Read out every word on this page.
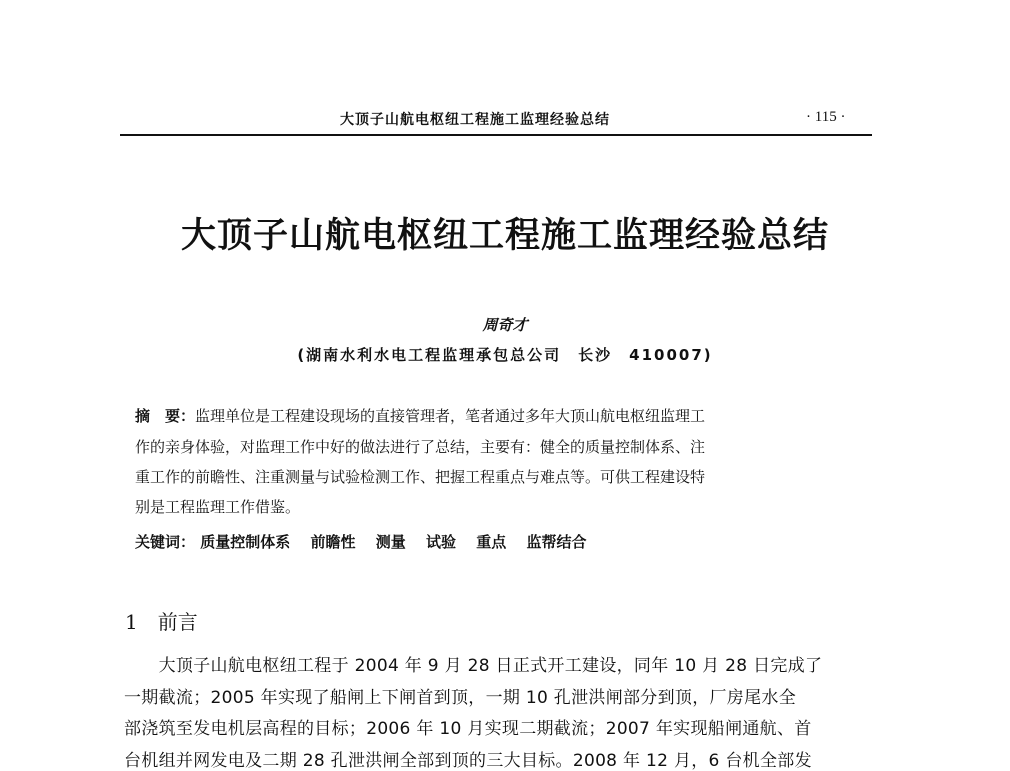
大顶子山航电枢纽工程施工监理经验总结	· 115 ·
大顶子山航电枢纽工程施工监理经验总结
周奇才
(湖南水利水电工程监理承包总公司　长沙　410007)
摘　要：监理单位是工程建设现场的直接管理者，笔者通过多年大顶山航电枢纽监理工
作的亲身体验，对监理工作中好的做法进行了总结，主要有：健全的质量控制体系、注
重工作的前瞻性、注重测量与试验检测工作、把握工程重点与难点等。可供工程建设特
别是工程监理工作借鉴。
关键词： 质量控制体系  前瞻性  测量  试验  重点  监帮结合
1  前言
　　大顶子山航电枢纽工程于 2004 年 9 月 28 日正式开工建设，同年 10 月 28 日完成了
一期截流；2005 年实现了船闸上下闸首到顶，一期 10 孔泄洪闸部分到顶，厂房尾水全
部浇筑至发电机层高程的目标；2006 年 10 月实现二期截流；2007 年实现船闸通航、首
台机组并网发电及二期 28 孔泄洪闸全部到顶的三大目标。2008 年 12 月，6 台机全部发
